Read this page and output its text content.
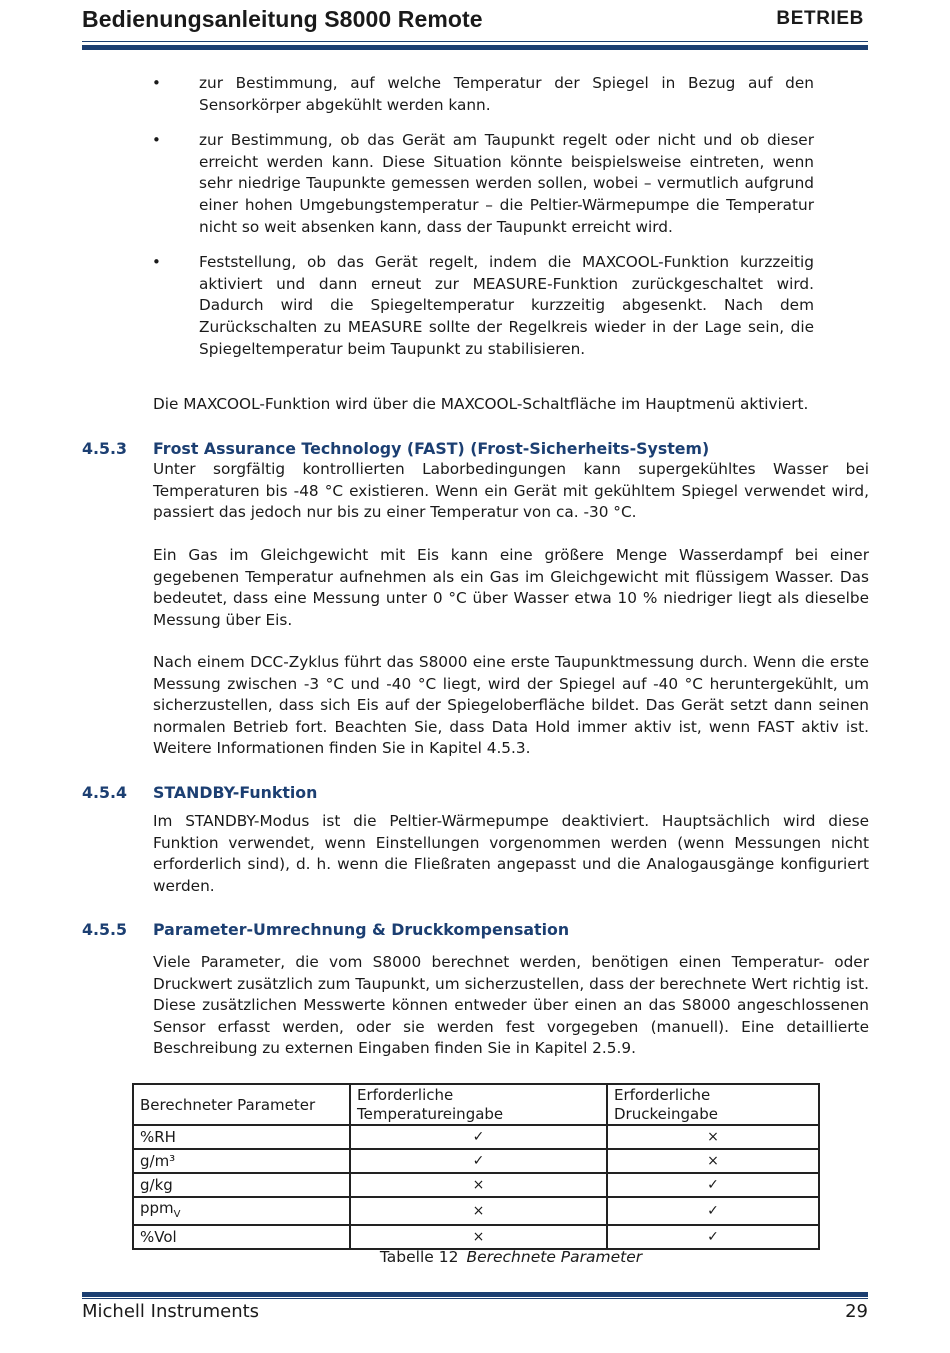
Bedienungsanleitung S8000 Remote	BETRIEB
• zur Bestimmung, auf welche Temperatur der Spiegel in Bezug auf den Sensorkörper abgekühlt werden kann.
• zur Bestimmung, ob das Gerät am Taupunkt regelt oder nicht und ob dieser erreicht werden kann. Diese Situation könnte beispielsweise eintreten, wenn sehr niedrige Taupunkte gemessen werden sollen, wobei – vermutlich aufgrund einer hohen Umgebungstemperatur – die Peltier-Wärmepumpe die Temperatur nicht so weit absenken kann, dass der Taupunkt erreicht wird.
• Feststellung, ob das Gerät regelt, indem die MAXCOOL-Funktion kurzzeitig aktiviert und dann erneut zur MEASURE-Funktion zurückgeschaltet wird. Dadurch wird die Spiegeltemperatur kurzzeitig abgesenkt. Nach dem Zurückschalten zu MEASURE sollte der Regelkreis wieder in der Lage sein, die Spiegeltemperatur beim Taupunkt zu stabilisieren.

Die MAXCOOL-Funktion wird über die MAXCOOL-Schaltfläche im Hauptmenü aktiviert.

4.5.3 Frost Assurance Technology (FAST) (Frost-Sicherheits-System)

Unter sorgfältig kontrollierten Laborbedingungen kann supergekühltes Wasser bei Temperaturen bis -48 °C existieren. Wenn ein Gerät mit gekühltem Spiegel verwendet wird, passiert das jedoch nur bis zu einer Temperatur von ca. -30 °C.

Ein Gas im Gleichgewicht mit Eis kann eine größere Menge Wasserdampf bei einer gegebenen Temperatur aufnehmen als ein Gas im Gleichgewicht mit flüssigem Wasser. Das bedeutet, dass eine Messung unter 0 °C über Wasser etwa 10 % niedriger liegt als dieselbe Messung über Eis.

Nach einem DCC-Zyklus führt das S8000 eine erste Taupunktmessung durch. Wenn die erste Messung zwischen -3 °C und -40 °C liegt, wird der Spiegel auf -40 °C heruntergekühlt, um sicherzustellen, dass sich Eis auf der Spiegeloberfläche bildet. Das Gerät setzt dann seinen normalen Betrieb fort. Beachten Sie, dass Data Hold immer aktiv ist, wenn FAST aktiv ist. Weitere Informationen finden Sie in Kapitel 4.5.3.

4.5.4 STANDBY-Funktion

Im STANDBY-Modus ist die Peltier-Wärmepumpe deaktiviert. Hauptsächlich wird diese Funktion verwendet, wenn Einstellungen vorgenommen werden (wenn Messungen nicht erforderlich sind), d. h. wenn die Fließraten angepasst und die Analogausgänge konfiguriert werden.

4.5.5 Parameter-Umrechnung & Druckkompensation

Viele Parameter, die vom S8000 berechnet werden, benötigen einen Temperatur- oder Druckwert zusätzlich zum Taupunkt, um sicherzustellen, dass der berechnete Wert richtig ist. Diese zusätzlichen Messwerte können entweder über einen an das S8000 angeschlossenen Sensor erfasst werden, oder sie werden fest vorgegeben (manuell). Eine detaillierte Beschreibung zu externen Eingaben finden Sie in Kapitel 2.5.9.

Berechneter Parameter	Erforderliche Temperatureingabe	Erforderliche Druckeingabe
%RH	✓	×
g/m³	✓	×
g/kg	×	✓
ppm$_V$	×	✓
%Vol	×	✓
Tabelle 12 Berechnete Parameter
Michell Instruments	29
